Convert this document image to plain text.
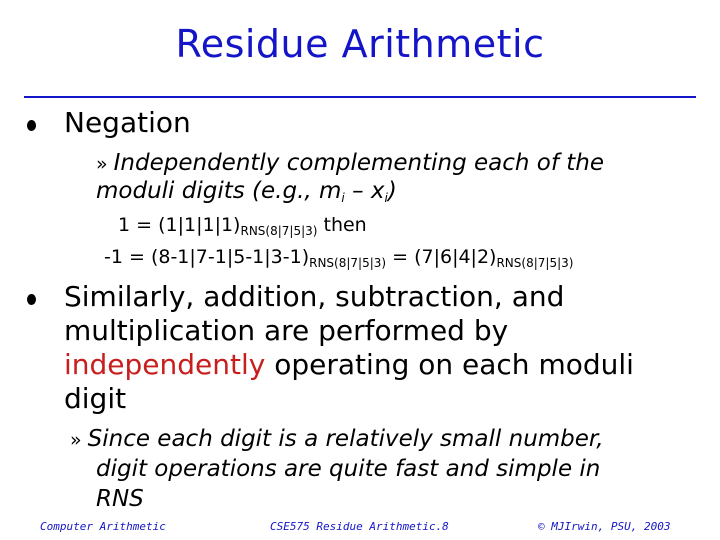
Residue Arithmetic
Negation
» Independently complementing each of the
moduli digits (e.g., $m_i - x_i$)
$1 = (1|1|1|1)_{RNS(8|7|5|3)}$ then
$-1 = (8-1|7-1|5-1|3-1)_{RNS(8|7|5|3)} = (7|6|4|2)_{RNS(8|7|5|3)}$
Similarly, addition, subtraction, and
multiplication are performed by
independently operating on each moduli
digit
» Since each digit is a relatively small number,
digit operations are quite fast and simple in
RNS
Computer Arithmetic	CSE575 Residue Arithmetic.8	© MJIrwin, PSU, 2003
